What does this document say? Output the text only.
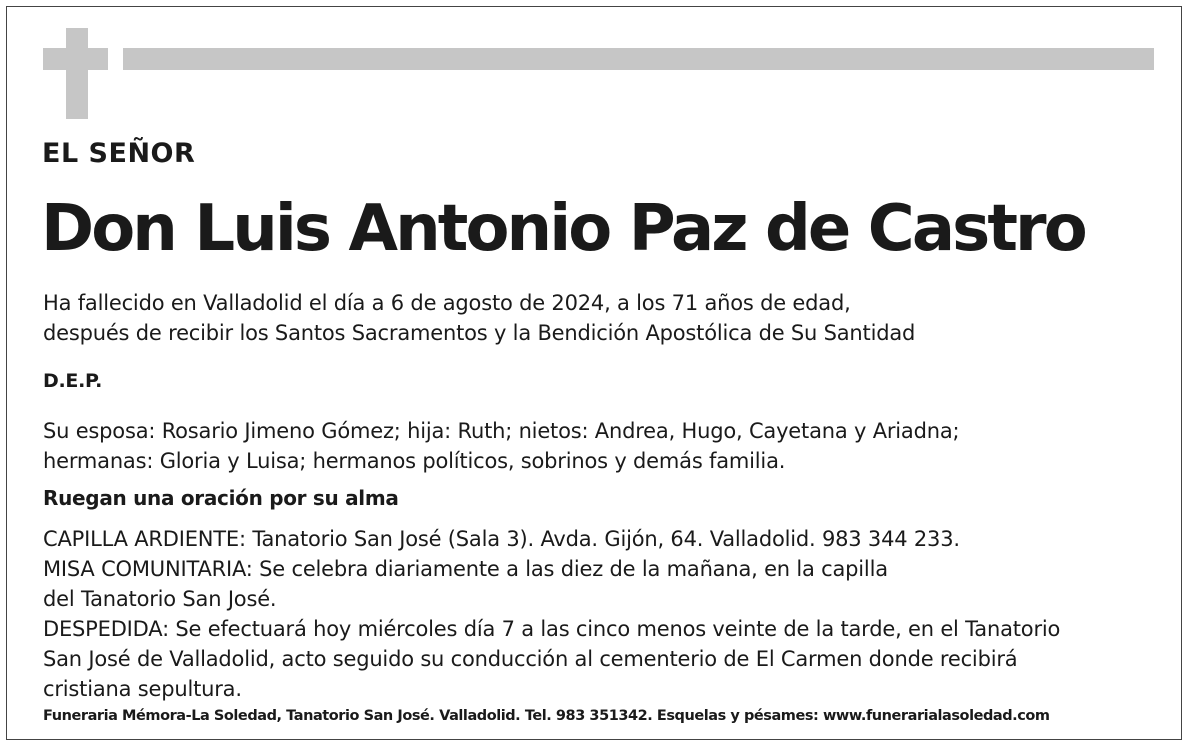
EL SEÑOR
Don Luis Antonio Paz de Castro
Ha fallecido en Valladolid el día a 6 de agosto de 2024, a los 71 años de edad,
después de recibir los Santos Sacramentos y la Bendición Apostólica de Su Santidad
D.E.P.
Su esposa: Rosario Jimeno Gómez; hija: Ruth; nietos: Andrea, Hugo, Cayetana y Ariadna;
hermanas: Gloria y Luisa; hermanos políticos, sobrinos y demás familia.
Ruegan una oración por su alma
CAPILLA ARDIENTE: Tanatorio San José (Sala 3). Avda. Gijón, 64. Valladolid. 983 344 233.
MISA COMUNITARIA: Se celebra diariamente a las diez de la mañana, en la capilla
del Tanatorio San José.
DESPEDIDA: Se efectuará hoy miércoles día 7 a las cinco menos veinte de la tarde, en el Tanatorio
San José de Valladolid, acto seguido su conducción al cementerio de El Carmen donde recibirá
cristiana sepultura.
Funeraria Mémora-La Soledad, Tanatorio San José. Valladolid. Tel. 983 351342. Esquelas y pésames: www.funerarialasoledad.com
